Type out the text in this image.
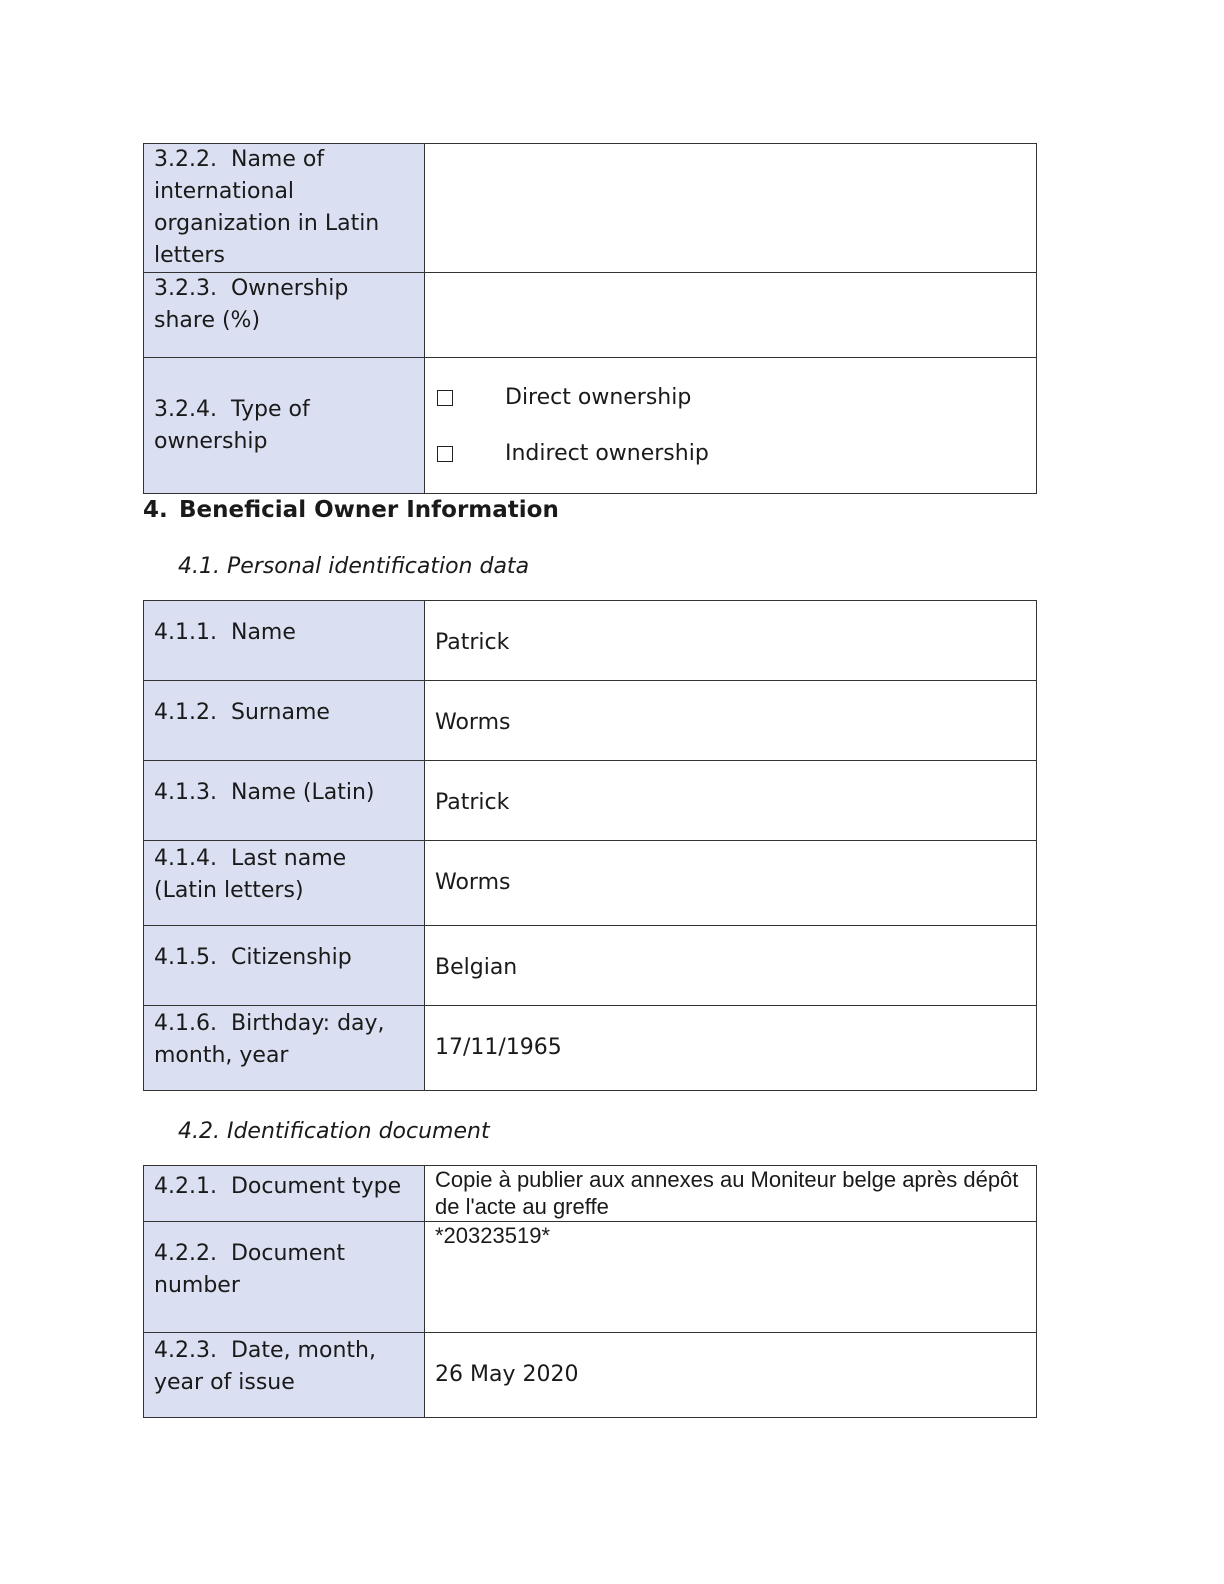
3.2.2. Name of international organization in Latin letters	
3.2.3. Ownership share (%)	
3.2.4. Type of ownership	Direct ownership
Indirect ownership
4. Beneficial Owner Information
4.1. Personal identification data
4.1.1. Name	Patrick
4.1.2. Surname	Worms
4.1.3. Name (Latin)	Patrick
4.1.4. Last name (Latin letters)	Worms
4.1.5. Citizenship	Belgian
4.1.6. Birthday: day, month, year	17/11/1965
4.2. Identification document
4.2.1. Document type	Copie à publier aux annexes au Moniteur belge après dépôt de l'acte au greffe

4.2.2. Document number	*20323519*

4.2.3. Date, month, year of issue	26 May 2020
